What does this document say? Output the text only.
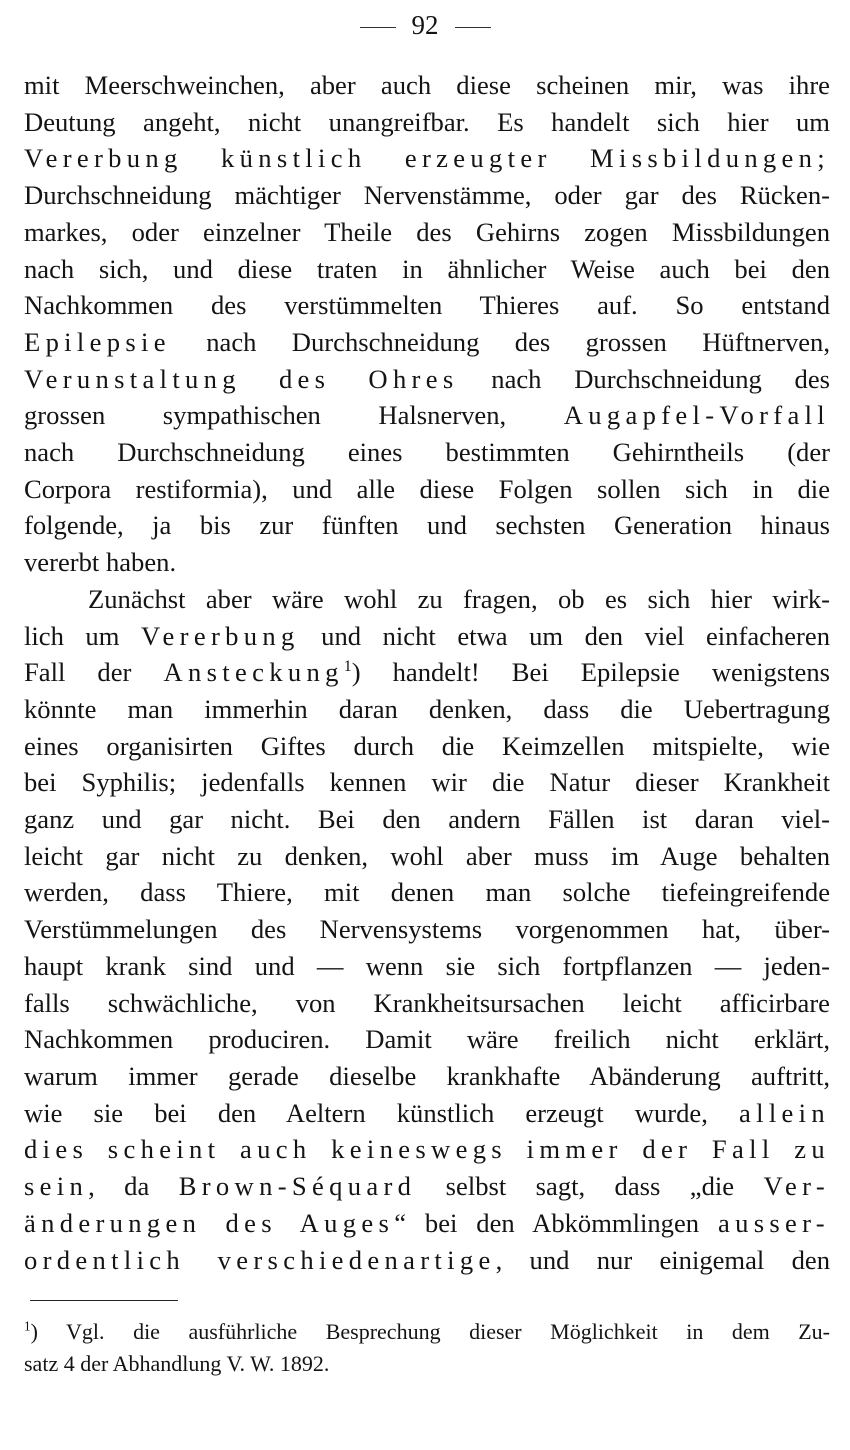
92
mit Meerschweinchen, aber auch diese scheinen mir, was ihre
Deutung angeht, nicht unangreifbar. Es handelt sich hier um
Vererbung künstlich erzeugter Missbildungen;
Durchschneidung mächtiger Nervenstämme, oder gar des Rücken-
markes, oder einzelner Theile des Gehirns zogen Missbildungen
nach sich, und diese traten in ähnlicher Weise auch bei den
Nachkommen des verstümmelten Thieres auf. So entstand
Epilepsie nach Durchschneidung des grossen Hüftnerven,
Verunstaltung des Ohres nach Durchschneidung des
grossen sympathischen Halsnerven, Augapfel-Vorfall
nach Durchschneidung eines bestimmten Gehirntheils (der
Corpora restiformia), und alle diese Folgen sollen sich in die
folgende, ja bis zur fünften und sechsten Generation hinaus
vererbt haben.
Zunächst aber wäre wohl zu fragen, ob es sich hier wirk-
lich um Vererbung und nicht etwa um den viel einfacheren
Fall der Ansteckung$^1$) handelt! Bei Epilepsie wenigstens
könnte man immerhin daran denken, dass die Uebertragung
eines organisirten Giftes durch die Keimzellen mitspielte, wie
bei Syphilis; jedenfalls kennen wir die Natur dieser Krankheit
ganz und gar nicht. Bei den andern Fällen ist daran viel-
leicht gar nicht zu denken, wohl aber muss im Auge behalten
werden, dass Thiere, mit denen man solche tiefeingreifende
Verstümmelungen des Nervensystems vorgenommen hat, über-
haupt krank sind und — wenn sie sich fortpflanzen — jeden-
falls schwächliche, von Krankheitsursachen leicht afficirbare
Nachkommen produciren. Damit wäre freilich nicht erklärt,
warum immer gerade dieselbe krankhafte Abänderung auftritt,
wie sie bei den Aeltern künstlich erzeugt wurde, allein
dies scheint auch keineswegs immer der Fall zu
sein, da Brown-Séquard selbst sagt, dass „die Ver-
änderungen des Auges“ bei den Abkömmlingen ausser-
ordentlich verschiedenartige, und nur einigemal den
$^1$) Vgl. die ausführliche Besprechung dieser Möglichkeit in dem Zu-
satz 4 der Abhandlung V. W. 1892.
